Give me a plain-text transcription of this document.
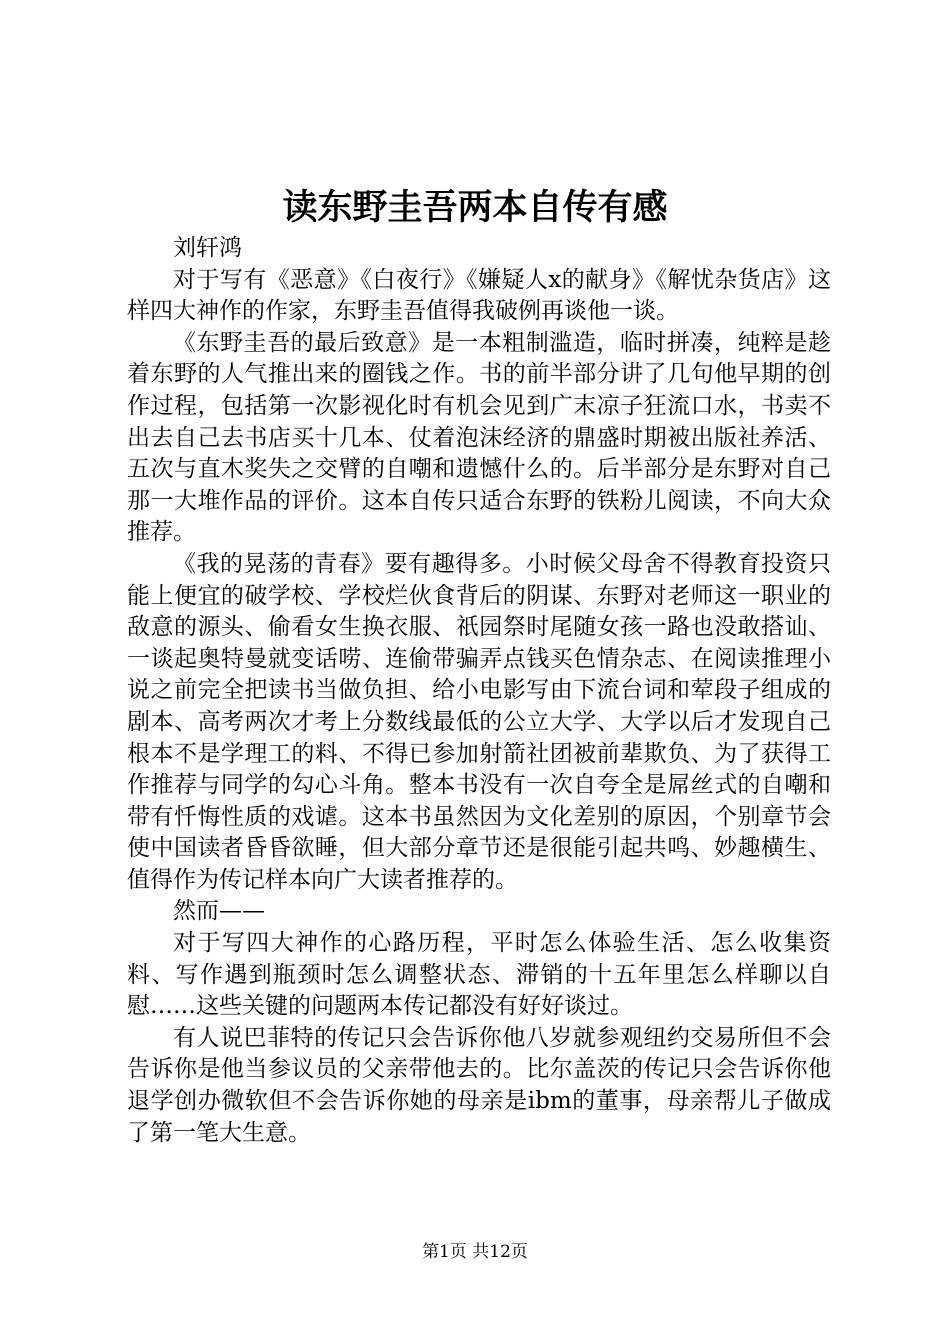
读东野圭吾两本自传有感

刘轩鸿

对于写有《恶意》《白夜行》《嫌疑人x的献身》《解忧杂货店》这样四大神作的作家，东野圭吾值得我破例再谈他一谈。

《东野圭吾的最后致意》是一本粗制滥造，临时拼凑，纯粹是趁着东野的人气推出来的圈钱之作。书的前半部分讲了几句他早期的创作过程，包括第一次影视化时有机会见到广末凉子狂流口水，书卖不出去自己去书店买十几本、仗着泡沫经济的鼎盛时期被出版社养活、五次与直木奖失之交臂的自嘲和遗憾什么的。后半部分是东野对自己那一大堆作品的评价。这本自传只适合东野的铁粉儿阅读，不向大众推荐。

《我的晃荡的青春》要有趣得多。小时候父母舍不得教育投资只能上便宜的破学校、学校烂伙食背后的阴谋、东野对老师这一职业的敌意的源头、偷看女生换衣服、祇园祭时尾随女孩一路也没敢搭讪、一谈起奥特曼就变话唠、连偷带骗弄点钱买色情杂志、在阅读推理小说之前完全把读书当做负担、给小电影写由下流台词和荤段子组成的剧本、高考两次才考上分数线最低的公立大学、大学以后才发现自己根本不是学理工的料、不得已参加射箭社团被前辈欺负、为了获得工作推荐与同学的勾心斗角。整本书没有一次自夸全是屌丝式的自嘲和带有忏悔性质的戏谑。这本书虽然因为文化差别的原因，个别章节会使中国读者昏昏欲睡，但大部分章节还是很能引起共鸣、妙趣横生、值得作为传记样本向广大读者推荐的。

然而——

对于写四大神作的心路历程，平时怎么体验生活、怎么收集资料、写作遇到瓶颈时怎么调整状态、滞销的十五年里怎么样聊以自慰……这些关键的问题两本传记都没有好好谈过。

有人说巴菲特的传记只会告诉你他八岁就参观纽约交易所但不会告诉你是他当参议员的父亲带他去的。比尔盖茨的传记只会告诉你他退学创办微软但不会告诉你她的母亲是ibm的董事，母亲帮儿子做成了第一笔大生意。

第1页 共12页
